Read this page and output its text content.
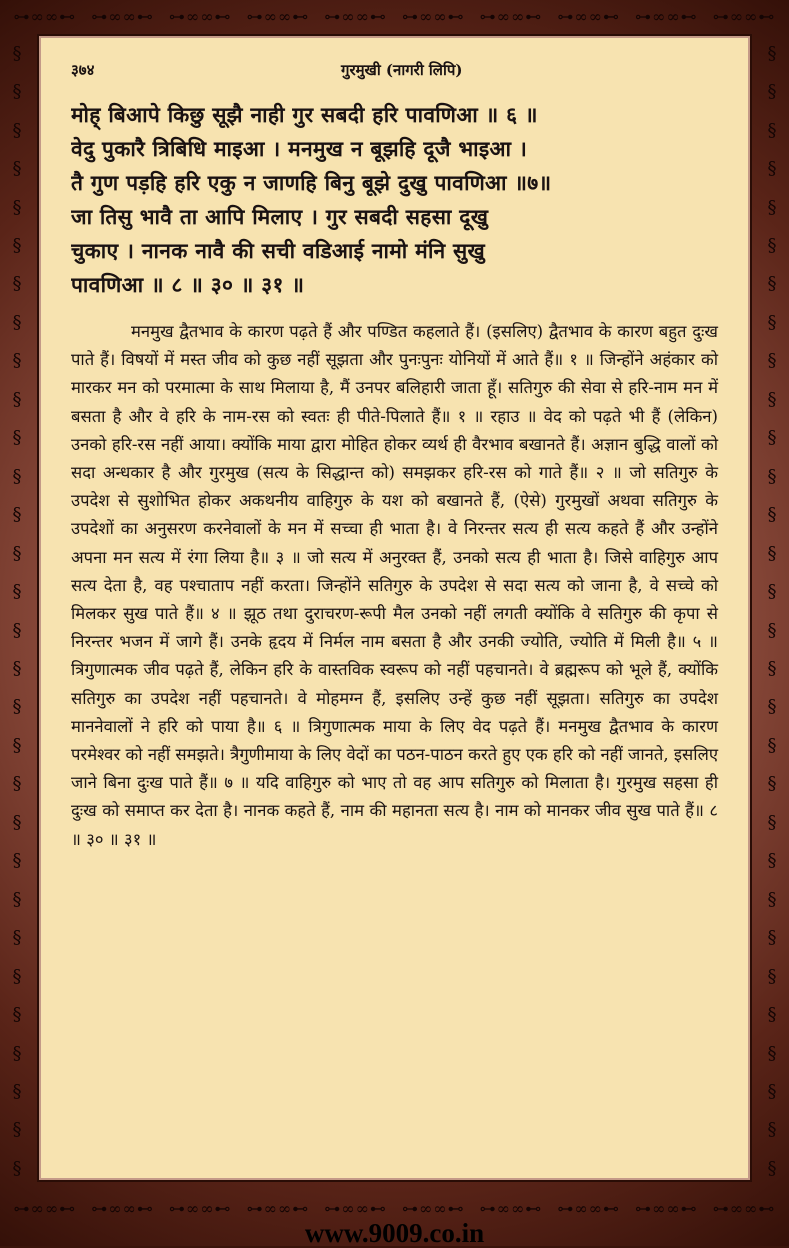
⊶∞∞⊷ ⊶∞∞⊷ ⊶∞∞⊷ ⊶∞∞⊷ ⊶∞∞⊷ ⊶∞∞⊷ ⊶∞∞⊷ ⊶∞∞⊷ ⊶∞∞⊷ ⊶∞∞⊷
§
§
§
§
§
§
§
§
§
§
§
§
§
§
§
§
§
§
§
§
§
§
§
§
§
§
§
§
§
§
§
§
§
§
§
§
§
§
§
§
§
§
§
§
§
§
§
§
§
§
§
§
§
§
§
§
§
§
§
§
३७४	गुरमुखी (नागरी लिपि)
मोह् बिआपे किछु सूझै नाही गुर सबदी हरि पावणिआ ॥ ६ ॥
वेदु पुकारै त्रिबिधि माइआ । मनमुख न बूझहि दूजै भाइआ ।
तै गुण पड़हि हरि एकु न जाणहि बिनु बूझे दुखु पावणिआ ॥७॥
जा तिसु भावै ता आपि मिलाए । गुर सबदी सहसा दूखु
चुकाए । नानक नावै की सची वडिआई नामो मंनि सुखु
पावणिआ ॥ ८ ॥ ३० ॥ ३१ ॥

मनमुख द्वैतभाव के कारण पढ़ते हैं और पण्डित कहलाते हैं। (इसलिए) द्वैतभाव के कारण बहुत दुःख पाते हैं। विषयों में मस्त जीव को कुछ नहीं सूझता और पुनःपुनः योनियों में आते हैं॥ १ ॥ जिन्होंने अहंकार को मारकर मन को परमात्मा के साथ मिलाया है, मैं उनपर बलिहारी जाता हूँ। सतिगुरु की सेवा से हरि-नाम मन में बसता है और वे हरि के नाम-रस को स्वतः ही पीते-पिलाते हैं॥ १ ॥ रहाउ ॥ वेद को पढ़ते भी हैं (लेकिन) उनको हरि-रस नहीं आया। क्योंकि माया द्वारा मोहित होकर व्यर्थ ही वैरभाव बखानते हैं। अज्ञान बुद्धि वालों को सदा अन्धकार है और गुरमुख (सत्य के सिद्धान्त को) समझकर हरि-रस को गाते हैं॥ २ ॥ जो सतिगुरु के उपदेश से सुशोभित होकर अकथनीय वाहिगुरु के यश को बखानते हैं, (ऐसे) गुरमुखों अथवा सतिगुरु के उपदेशों का अनुसरण करनेवालों के मन में सच्चा ही भाता है। वे निरन्तर सत्य ही सत्य कहते हैं और उन्होंने अपना मन सत्य में रंगा लिया है॥ ३ ॥ जो सत्य में अनुरक्त हैं, उनको सत्य ही भाता है। जिसे वाहिगुरु आप सत्य देता है, वह पश्चाताप नहीं करता। जिन्होंने सतिगुरु के उपदेश से सदा सत्य को जाना है, वे सच्चे को मिलकर सुख पाते हैं॥ ४ ॥ झूठ तथा दुराचरण-रूपी मैल उनको नहीं लगती क्योंकि वे सतिगुरु की कृपा से निरन्तर भजन में जागे हैं। उनके हृदय में निर्मल नाम बसता है और उनकी ज्योति, ज्योति में मिली है॥ ५ ॥ त्रिगुणात्मक जीव पढ़ते हैं, लेकिन हरि के वास्तविक स्वरूप को नहीं पहचानते। वे ब्रह्मरूप को भूले हैं, क्योंकि सतिगुरु का उपदेश नहीं पहचानते। वे मोहमग्न हैं, इसलिए उन्हें कुछ नहीं सूझता। सतिगुरु का उपदेश माननेवालों ने हरि को पाया है॥ ६ ॥ त्रिगुणात्मक माया के लिए वेद पढ़ते हैं। मनमुख द्वैतभाव के कारण परमेश्वर को नहीं समझते। त्रैगुणीमाया के लिए वेदों का पठन-पाठन करते हुए एक हरि को नहीं जानते, इसलिए जाने बिना दुःख पाते हैं॥ ७ ॥ यदि वाहिगुरु को भाए तो वह आप सतिगुरु को मिलाता है। गुरमुख सहसा ही दुःख को समाप्त कर देता है। नानक कहते हैं, नाम की महानता सत्य है। नाम को मानकर जीव सुख पाते हैं॥ ८ ॥ ३० ॥ ३१ ॥

⊶∞∞⊷ ⊶∞∞⊷ ⊶∞∞⊷ ⊶∞∞⊷ ⊶∞∞⊷ ⊶∞∞⊷ ⊶∞∞⊷ ⊶∞∞⊷ ⊶∞∞⊷ ⊶∞∞⊷
www.9009.co.in
